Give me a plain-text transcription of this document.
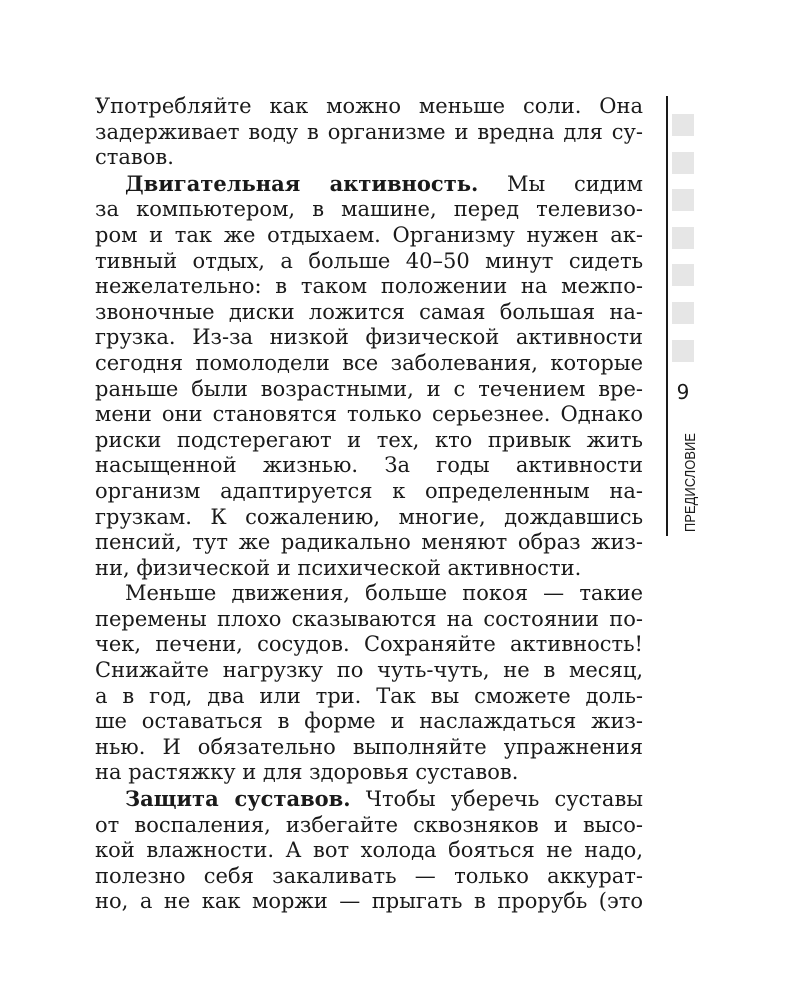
Употребляйте как можно меньше соли. Она
задерживает воду в организме и вредна для су-
ставов.

Двигательная активность. Мы сидим
за компьютером, в машине, перед телевизо-
ром и так же отдыхаем. Организму нужен ак-
тивный отдых, а больше 40–50 минут сидеть
нежелательно: в таком положении на межпо-
звоночные диски ложится самая большая на-
грузка. Из-за низкой физической активности
сегодня помолодели все заболевания, которые
раньше были возрастными, и с течением вре-
мени они становятся только серьезнее. Однако
риски подстерегают и тех, кто привык жить
насыщенной жизнью. За годы активности
организм адаптируется к определенным на-
грузкам. К сожалению, многие, дождавшись
пенсий, тут же радикально меняют образ жиз-
ни, физической и психической активности.

Меньше движения, больше покоя — такие
перемены плохо сказываются на состоянии по-
чек, печени, сосудов. Сохраняйте активность!
Снижайте нагрузку по чуть-чуть, не в месяц,
а в год, два или три. Так вы сможете доль-
ше оставаться в форме и наслаждаться жиз-
нью. И обязательно выполняйте упражнения
на растяжку и для здоровья суставов.

Защита суставов. Чтобы уберечь суставы
от воспаления, избегайте сквозняков и высо-
кой влажности. А вот холода бояться не надо,
полезно себя закаливать — только аккурат-
но, а не как моржи — прыгать в прорубь (это

9
ПРЕДИСЛОВИЕ
